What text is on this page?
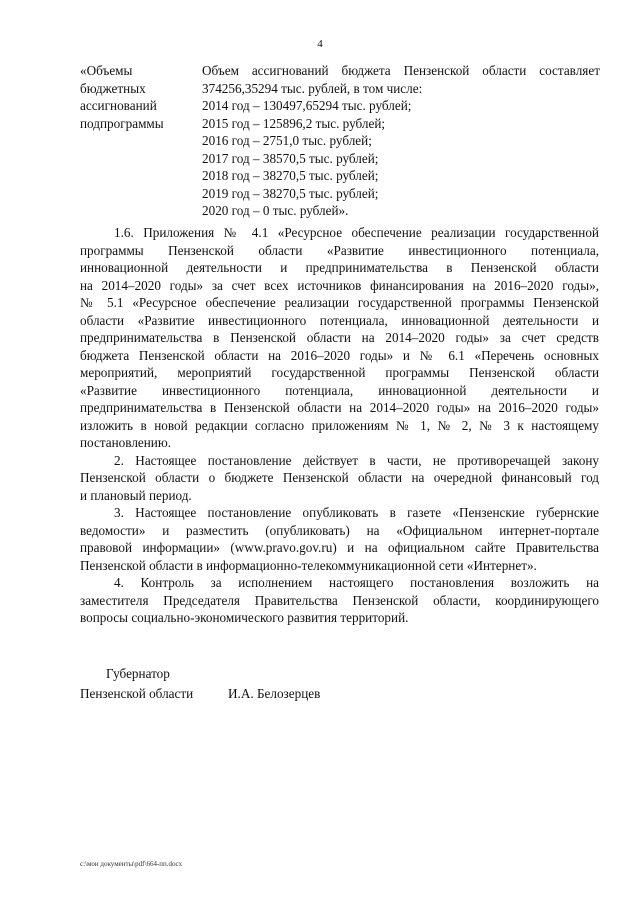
4
«Объемы
бюджетных
ассигнований
подпрограммы
Объем ассигнований бюджета Пензенской области составляет
374256,35294 тыс. рублей, в том числе:
2014 год – 130497,65294 тыс. рублей;
2015 год – 125896,2 тыс. рублей;
2016 год – 2751,0 тыс. рублей;
2017 год – 38570,5 тыс. рублей;
2018 год – 38270,5 тыс. рублей;
2019 год – 38270,5 тыс. рублей;
2020 год – 0 тыс. рублей».
1.6. Приложения № 4.1 «Ресурсное обеспечение реализации государственной
программы Пензенской области «Развитие инвестиционного потенциала,
инновационной деятельности и предпринимательства в Пензенской области
на 2014–2020 годы» за счет всех источников финансирования на 2016–2020 годы»,
№ 5.1 «Ресурсное обеспечение реализации государственной программы Пензенской
области «Развитие инвестиционного потенциала, инновационной деятельности и
предпринимательства в Пензенской области на 2014–2020 годы» за счет средств
бюджета Пензенской области на 2016–2020 годы» и № 6.1 «Перечень основных
мероприятий, мероприятий государственной программы Пензенской области
«Развитие инвестиционного потенциала, инновационной деятельности и
предпринимательства в Пензенской области на 2014–2020 годы» на 2016–2020 годы»
изложить в новой редакции согласно приложениям № 1, № 2, № 3 к настоящему
постановлению.
2. Настоящее постановление действует в части, не противоречащей закону
Пензенской области о бюджете Пензенской области на очередной финансовый год
и плановый период.
3. Настоящее постановление опубликовать в газете «Пензенские губернские
ведомости» и разместить (опубликовать) на «Официальном интернет-портале
правовой информации» (www.pravo.gov.ru) и на официальном сайте Правительства
Пензенской области в информационно-телекоммуникационной сети «Интернет».
4. Контроль за исполнением настоящего постановления возложить на
заместителя Председателя Правительства Пензенской области, координирующего
вопросы социально-экономического развития территорий.
Губернатор
Пензенской области	И.А. Белозерцев
c:\мои документы\pdf\664-пп.docx
